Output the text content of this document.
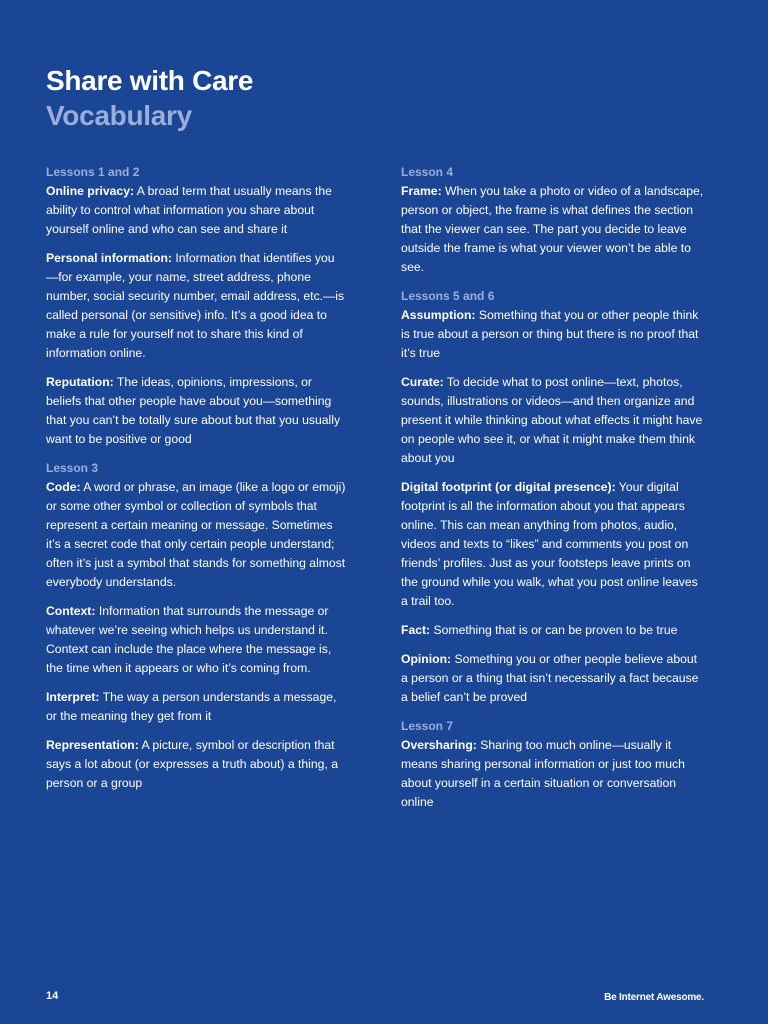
Share with Care
Vocabulary
Lessons 1 and 2

Online privacy: A broad term that usually means the ability to control what information you share about yourself online and who can see and share it

Personal information: Information that identifies you—for example, your name, street address, phone number, social security number, email address, etc.—is called personal (or sensitive) info. It’s a good idea to make a rule for yourself not to share this kind of information online.

Reputation: The ideas, opinions, impressions, or beliefs that other people have about you—something that you can’t be totally sure about but that you usually want to be positive or good

Lesson 3

Code: A word or phrase, an image (like a logo or emoji) or some other symbol or collection of symbols that represent a certain meaning or message. Sometimes it’s a secret code that only certain people understand; often it’s just a symbol that stands for something almost everybody understands.

Context: Information that surrounds the message or whatever we’re seeing which helps us understand it. Context can include the place where the message is, the time when it appears or who it’s coming from.

Interpret: The way a person understands a message, or the meaning they get from it

Representation: A picture, symbol or description that says a lot about (or expresses a truth about) a thing, a person or a group

Lesson 4

Frame: When you take a photo or video of a landscape, person or object, the frame is what defines the section that the viewer can see. The part you decide to leave outside the frame is what your viewer won’t be able to see.

Lessons 5 and 6

Assumption: Something that you or other people think is true about a person or thing but there is no proof that it’s true

Curate: To decide what to post online—text, photos, sounds, illustrations or videos—and then organize and present it while thinking about what effects it might have on people who see it, or what it might make them think about you

Digital footprint (or digital presence): Your digital footprint is all the information about you that appears online. This can mean anything from photos, audio, videos and texts to “likes” and comments you post on friends’ profiles. Just as your footsteps leave prints on the ground while you walk, what you post online leaves a trail too.

Fact: Something that is or can be proven to be true

Opinion: Something you or other people believe about a person or a thing that isn’t necessarily a fact because a belief can’t be proved

Lesson 7

Oversharing: Sharing too much online—usually it means sharing personal information or just too much about yourself in a certain situation or conversation online

14	Be Internet Awesome.
